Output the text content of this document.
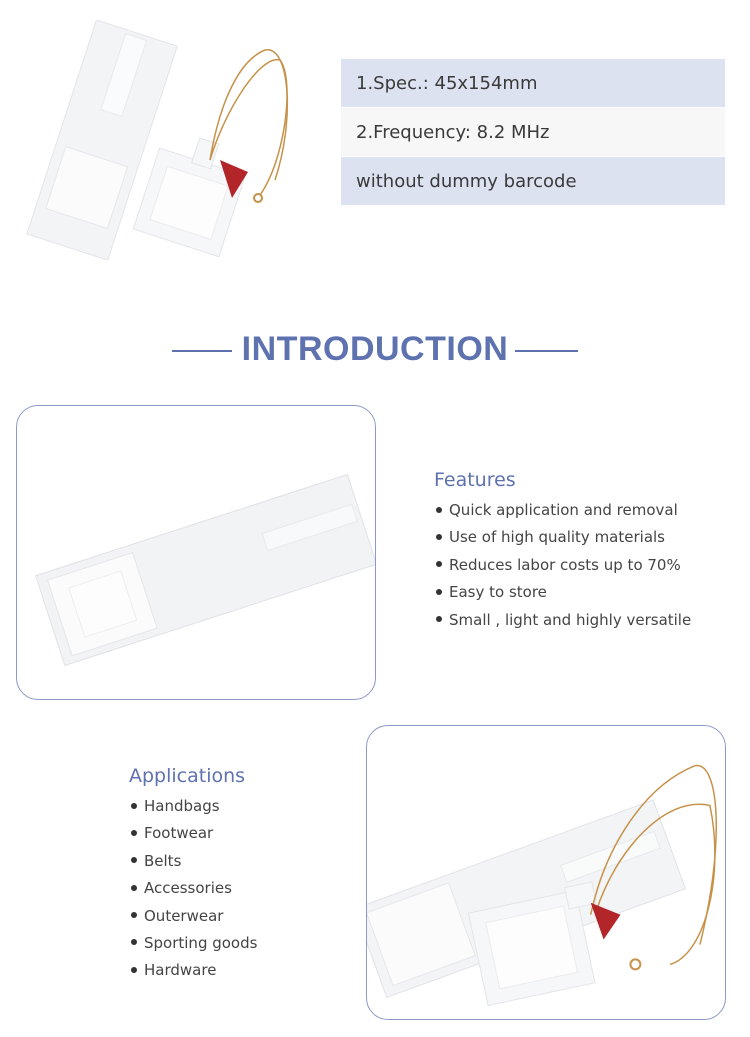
1.Spec.: 45x154mm
2.Frequency: 8.2 MHz
without dummy barcode
INTRODUCTION
Features
Quick application and removal
Use of high quality materials
Reduces labor costs up to 70%
Easy to store
Small , light and highly versatile
Applications
Handbags
Footwear
Belts
Accessories
Outerwear
Sporting goods
Hardware
